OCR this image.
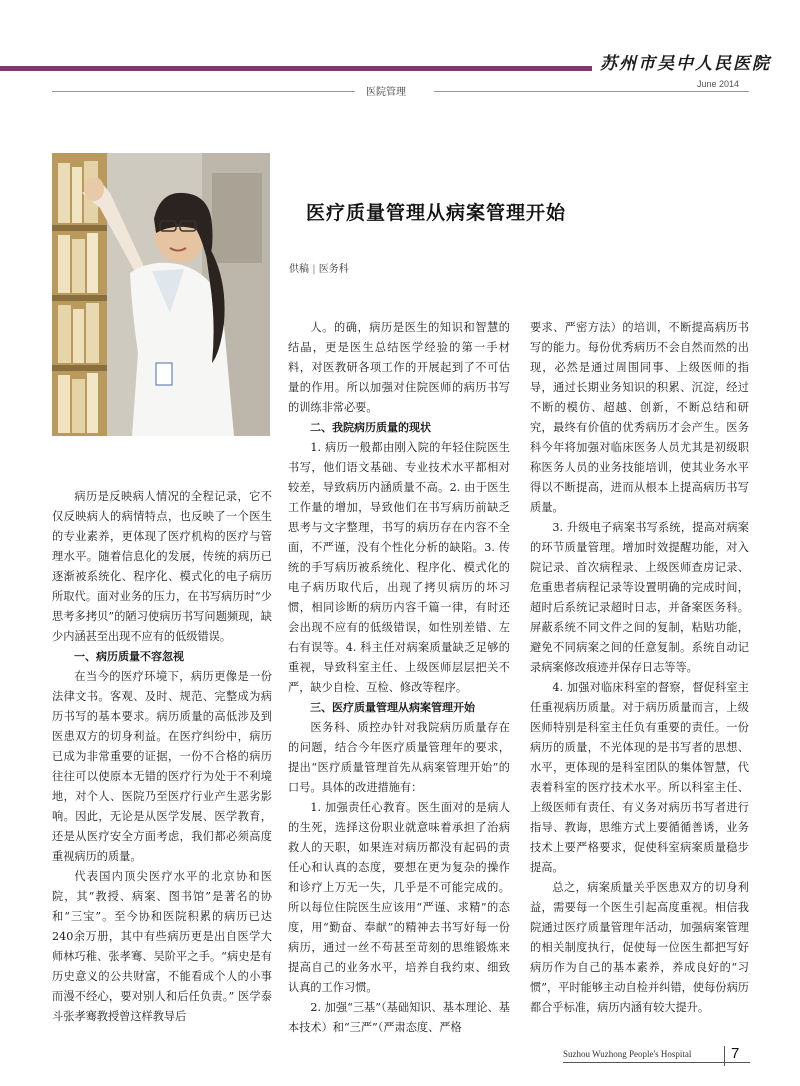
苏州市吴中人民医院
June 2014
医院管理
医疗质量管理从病案管理开始
供稿 | 医务科

病历是反映病人情况的全程记录，它不仅反映病人的病情特点，也反映了一个医生的专业素养，更体现了医疗机构的医疗与管理水平。随着信息化的发展，传统的病历已逐渐被系统化、程序化、模式化的电子病历所取代。面对业务的压力，在书写病历时“少思考多拷贝”的陋习使病历书写问题频现，缺少内涵甚至出现不应有的低级错误。

一、病历质量不容忽视

在当今的医疗环境下，病历更像是一份法律文书。客观、及时、规范、完整成为病历书写的基本要求。病历质量的高低涉及到医患双方的切身利益。在医疗纠纷中，病历已成为非常重要的证据，一份不合格的病历往往可以使原本无错的医疗行为处于不利境地，对个人、医院乃至医疗行业产生恶劣影响。因此，无论是从医学发展、医学教育，还是从医疗安全方面考虑，我们都必须高度重视病历的质量。

代表国内顶尖医疗水平的北京协和医院，其“教授、病案、图书馆”是著名的协和“三宝”。至今协和医院积累的病历已达240余万册，其中有些病历更是出自医学大师林巧稚、张孝骞、吴阶平之手。“病史是有历史意义的公共财富，不能看成个人的小事而漫不经心，要对别人和后任负责。” 医学泰斗张孝骞教授曾这样教导后

人。的确，病历是医生的知识和智慧的结晶，更是医生总结医学经验的第一手材料，对医教研各项工作的开展起到了不可估量的作用。所以加强对住院医师的病历书写的训练非常必要。

二、我院病历质量的现状

1. 病历一般都由刚入院的年轻住院医生书写，他们语文基础、专业技术水平都相对较差，导致病历内涵质量不高。2. 由于医生工作量的增加，导致他们在书写病历前缺乏思考与文字整理，书写的病历存在内容不全面，不严谨，没有个性化分析的缺陷。3. 传统的手写病历被系统化、程序化、模式化的电子病历取代后，出现了拷贝病历的坏习惯，相同诊断的病历内容千篇一律，有时还会出现不应有的低级错误，如性别差错、左右有误等。4. 科主任对病案质量缺乏足够的重视，导致科室主任、上级医师层层把关不严，缺少自检、互检、修改等程序。

三、医疗质量管理从病案管理开始

医务科、质控办针对我院病历质量存在的问题，结合今年医疗质量管理年的要求，提出“医疗质量管理首先从病案管理开始”的口号。具体的改进措施有：

1. 加强责任心教育。医生面对的是病人的生死，选择这份职业就意味着承担了治病救人的天职，如果连对病历都没有起码的责任心和认真的态度，要想在更为复杂的操作和诊疗上万无一失，几乎是不可能完成的。所以每位住院医生应该用“严谨、求精”的态度，用“勤奋、奉献”的精神去书写好每一份病历，通过一丝不苟甚至苛刻的思维锻炼来提高自己的业务水平，培养自我约束、细致认真的工作习惯。

2. 加强“三基”（基础知识、基本理论、基本技术）和“三严”（严肃态度、严格

要求、严密方法）的培训，不断提高病历书写的能力。每份优秀病历不会自然而然的出现，必然是通过周围同事、上级医师的指导，通过长期业务知识的积累、沉淀，经过不断的模仿、超越、创新，不断总结和研究，最终有价值的优秀病历才会产生。医务科今年将加强对临床医务人员尤其是初级职称医务人员的业务技能培训，使其业务水平得以不断提高，进而从根本上提高病历书写质量。

3. 升级电子病案书写系统，提高对病案的环节质量管理。增加时效提醒功能，对入院记录、首次病程录、上级医师查房记录、危重患者病程记录等设置明确的完成时间，超时后系统记录超时日志，并备案医务科。屏蔽系统不同文件之间的复制，粘贴功能，避免不同病案之间的任意复制。系统自动记录病案修改痕迹并保存日志等等。

4. 加强对临床科室的督察，督促科室主任重视病历质量。对于病历质量而言，上级医师特别是科室主任负有重要的责任。一份病历的质量，不光体现的是书写者的思想、水平，更体现的是科室团队的集体智慧，代表着科室的医疗技术水平。所以科室主任、上级医师有责任、有义务对病历书写者进行指导、教诲，思维方式上要循循善诱，业务技术上要严格要求，促使科室病案质量稳步提高。

总之，病案质量关乎医患双方的切身利益，需要每一个医生引起高度重视。相信我院通过医疗质量管理年活动，加强病案管理的相关制度执行，促使每一位医生都把写好病历作为自己的基本素养，养成良好的“习惯”，平时能够主动自检并纠错，使每份病历都合乎标准，病历内涵有较大提升。

Suzhou Wuzhong People's Hospital	7
